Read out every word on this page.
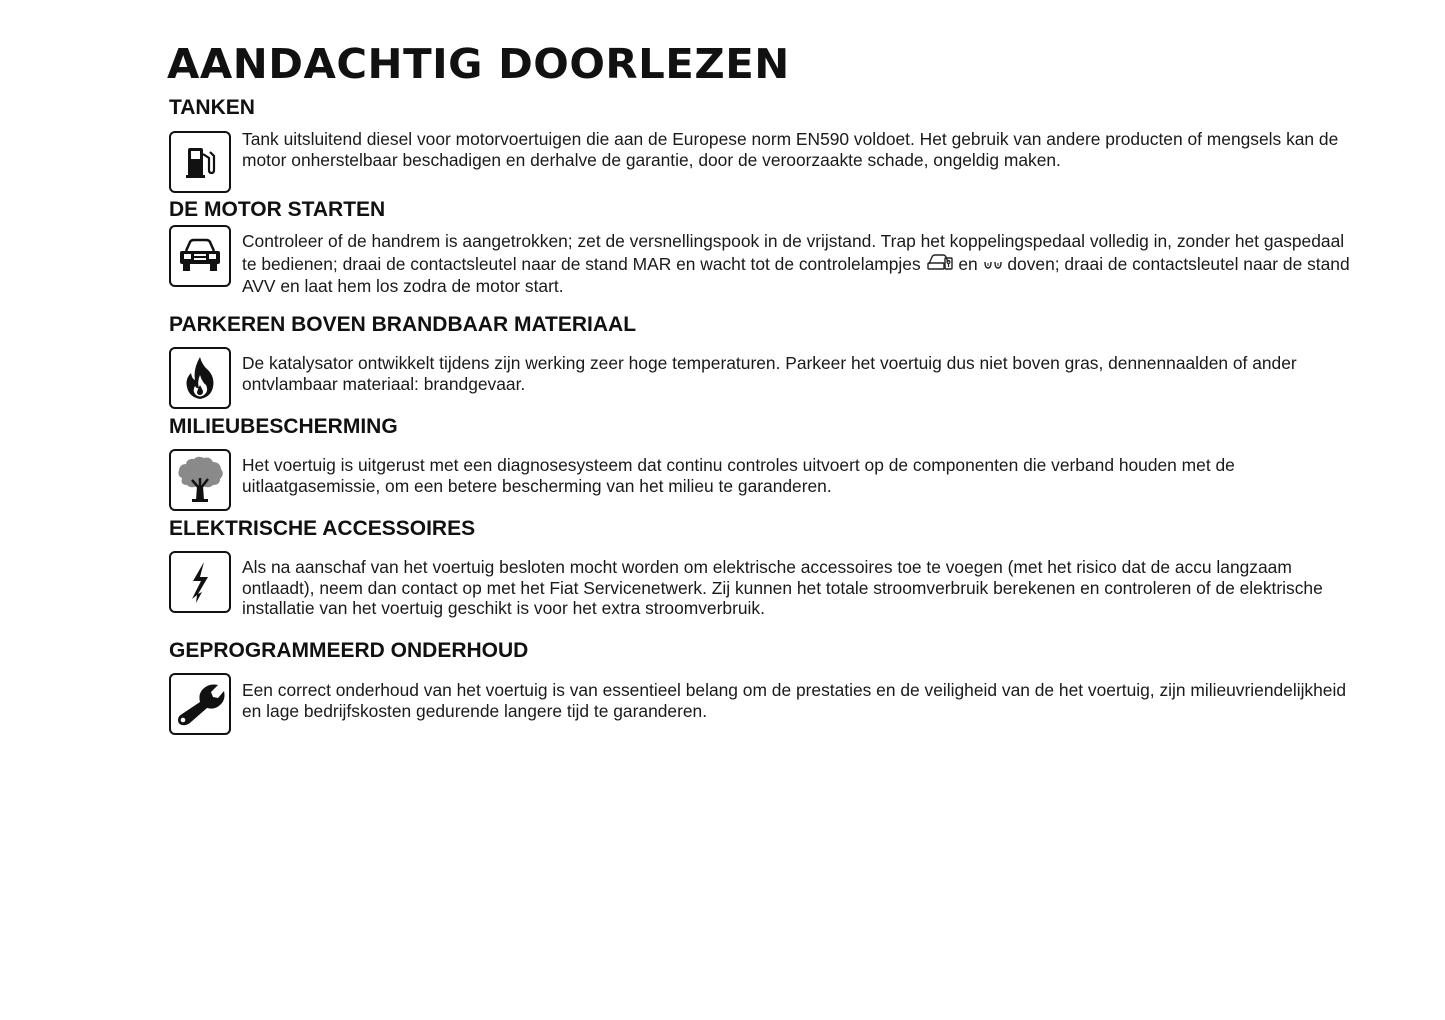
AANDACHTIG DOORLEZEN
TANKEN

Tank uitsluitend diesel voor motorvoertuigen die aan de Europese norm EN590 voldoet. Het gebruik van andere producten of mengsels kan de motor onherstelbaar beschadigen en derhalve de garantie, door de veroorzaakte schade, ongeldig maken.

DE MOTOR STARTEN

Controleer of de handrem is aangetrokken; zet de versnellingspook in de vrijstand. Trap het koppelingspedaal volledig in, zonder het gaspedaal te bedienen; draai de contactsleutel naar de stand MAR en wacht tot de controlelampjes en doven; draai de contactsleutel naar de stand AVV en laat hem los zodra de motor start.

PARKEREN BOVEN BRANDBAAR MATERIAAL

De katalysator ontwikkelt tijdens zijn werking zeer hoge temperaturen. Parkeer het voertuig dus niet boven gras, dennennaalden of ander ontvlambaar materiaal: brandgevaar.

MILIEUBESCHERMING

Het voertuig is uitgerust met een diagnosesysteem dat continu controles uitvoert op de componenten die verband houden met de uitlaatgasemissie, om een betere bescherming van het milieu te garanderen.

ELEKTRISCHE ACCESSOIRES

Als na aanschaf van het voertuig besloten mocht worden om elektrische accessoires toe te voegen (met het risico dat de accu langzaam ontlaadt), neem dan contact op met het Fiat Servicenetwerk. Zij kunnen het totale stroomverbruik berekenen en controleren of de elektrische installatie van het voertuig geschikt is voor het extra stroomverbruik.

GEPROGRAMMEERD ONDERHOUD

Een correct onderhoud van het voertuig is van essentieel belang om de prestaties en de veiligheid van de het voertuig, zijn milieuvriendelijkheid en lage bedrijfskosten gedurende langere tijd te garanderen.
